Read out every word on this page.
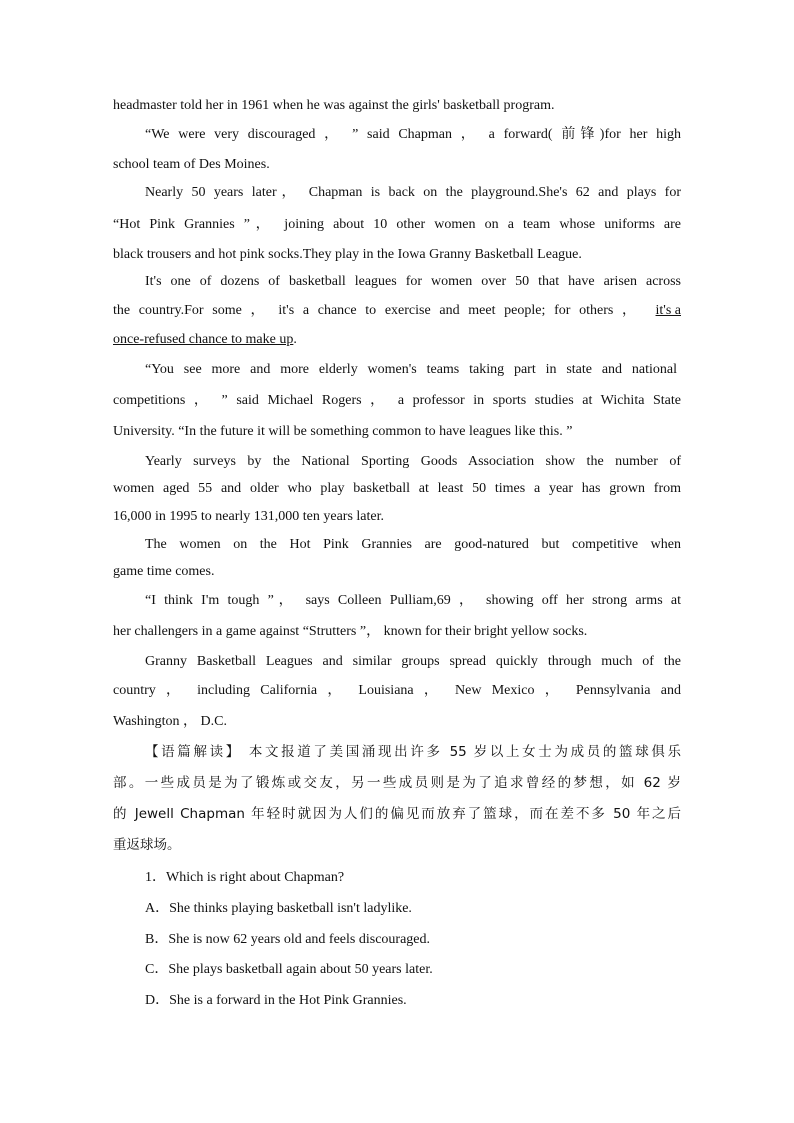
headmaster told her in 1961 when he was against the girls' basketball program.
“We were very discouraged ， ” said Chapman ， a forward( 前锋)for her high
school team of Des Moines.
Nearly 50 years later， Chapman is back on the playground.She's 62 and plays for
“Hot Pink Grannies ”， joining about 10 other women on a team whose uniforms are
black trousers and hot pink socks.They play in the Iowa Granny Basketball League.
It's one of dozens of basketball leagues for women over 50 that have arisen across
the country.For some ， it's a chance to exercise and meet people; for others ，	it's a
once-refused chance to make up.
“You see more and more elderly women's teams taking part in state and national
competitions ， ” said Michael Rogers ， a professor in sports studies at Wichita State
University. “In the future it will be something common to have leagues like this. ”
Yearly surveys by the National Sporting Goods Association show the number of
women aged 55 and older who play basketball at least 50 times a year has grown from
16,000 in 1995 to nearly 131,000 ten years later.
The women on the Hot Pink Grannies are good-natured but competitive when
game time comes.
“I think I'm tough ”， says Colleen Pulliam,69 ， showing off her strong arms at
her challengers in a game against “Strutters ”， known for their bright yellow socks.
Granny Basketball Leagues and similar groups spread quickly through much of the
country ， including California ， Louisiana ， New Mexico ， Pennsylvania and
Washington ， D.C.
【语篇解读】 本文报道了美国涌现出许多 55 岁以上女士为成员的篮球俱乐
部。一些成员是为了锻炼或交友，另一些成员则是为了追求曾经的梦想，如 62 岁
的 Jewell Chapman 年轻时就因为人们的偏见而放弃了篮球，而在差不多 50 年之后
重返球场。
1．Which is right about Chapman?
A．She thinks playing basketball isn't ladylike.
B．She is now 62 years old and feels discouraged.
C．She plays basketball again about 50 years later.
D．She is a forward in the Hot Pink Grannies.
